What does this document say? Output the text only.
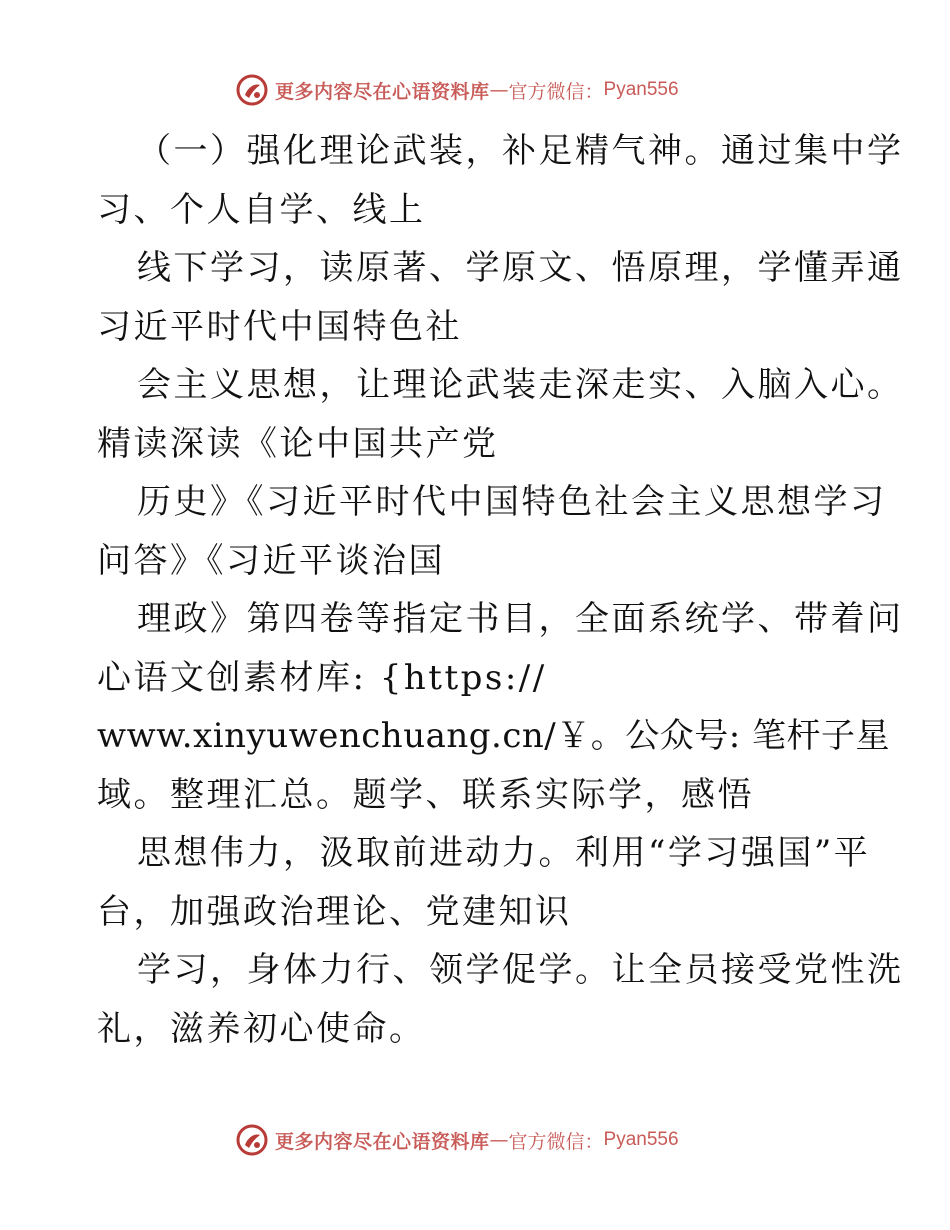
更多内容尽在心语资料库 — 官方微信： Pyan556
（一）强化理论武装，补足精气神。通过集中学
习、个人自学、线上
线下学习，读原著、学原文、悟原理，学懂弄通
习近平时代中国特色社
会主义思想，让理论武装走深走实、入脑入心。
精读深读《论中国共产党
历史》《习近平时代中国特色社会主义思想学习
问答》《习近平谈治国
理政》第四卷等指定书目，全面系统学、带着问
心语文创素材库: {https://
www.xinyuwenchuang.cn/￥。公众号: 笔杆子星
域。整理汇总。题学、联系实际学，感悟
思想伟力，汲取前进动力。利用“学习强国”平
台，加强政治理论、党建知识
学习，身体力行、领学促学。让全员接受党性洗
礼，滋养初心使命。
更多内容尽在心语资料库 — 官方微信： Pyan556
